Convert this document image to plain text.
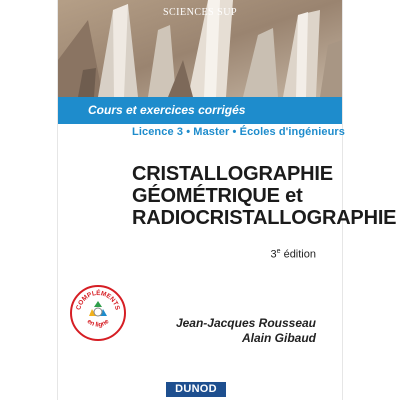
SCIENCES SUP
Cours et exercices corrigés
Licence 3 • Master • Écoles d'ingénieurs
CRISTALLOGRAPHIE
GÉOMÉTRIQUE et
RADIOCRISTALLOGRAPHIE
3e édition
COMPLÉMENTS
en ligne	Jean-Jacques Rousseau
Alain Gibaud
DUNOD
